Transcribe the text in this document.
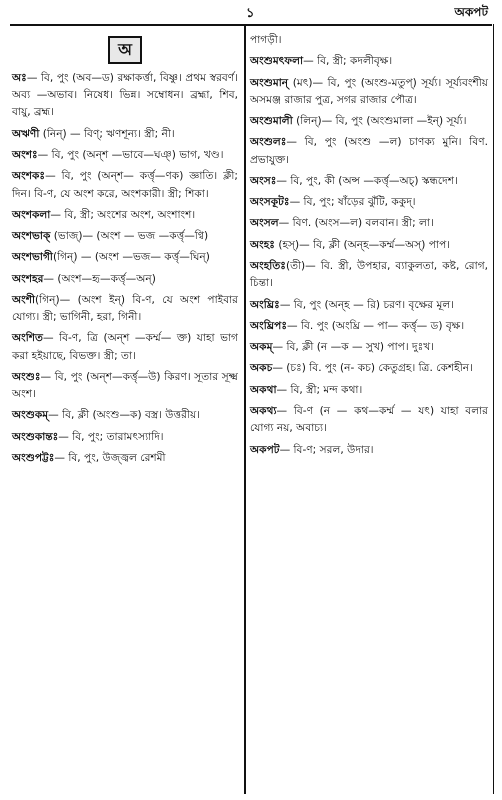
১	অকপট
অ

অঃ— বি, পুং (অব—ড) রক্ষাকর্ত্তা, বিষ্ণু। প্রথম স্বরবর্ণ। অব্য —অভাব। নিষেধ। ভিন্ন। সম্বোধন। ব্রহ্মা, শিব, বায়ু, ব্রহ্ম।

অঋণী (নিন্) — বিণ্; ঋণশূন্য। স্ত্রী; নী।

অংশঃ— বি, পুং (অন্শ —ভাবে—ঘঞ্) ভাগ, খণ্ড।

অংশকঃ— বি, পুং (অন্শ— কর্ত্তৃ—ণক) জ্ঞাতি। ক্লী; দিন। বি-ণ, যে অংশ করে, অংশকারী। স্ত্রী; শিকা।

অংশকলা— বি, স্ত্রী; অংশের অংশ, অংশাংশ।

অংশভাক্ (ভাজ্)— (অংশ — ভজ —কর্ত্তৃ—ণ্বি)

অংশভাগী(গিন্) — (অংশ —ভজ— কর্ত্তৃ—ঘিন্)

অংশহর— (অংশ—হৃ—কর্ত্তৃ—অন্)

অংশী(গিন্)— (অংশ ইন্) বি-ণ, যে অংশ পাইবার যোগ্য। স্ত্রী; ভাগিনী, হরা, গিনী।

অংশিত— বি-ণ, ত্রি (অন্শ —কর্ম্ম— ক্ত) যাহা ভাগ করা হইয়াছে, বিভক্ত। স্ত্রী; তা।

অংশুঃ— বি, পুং (অন্শ—কর্ত্তৃ—উ) কিরণ। সূতার সূক্ষ্ম অংশ।

অংশুকম্— বি, ক্লী (অংশু—ক) বস্ত্র। উত্তরীয়।

অংশুকান্তঃ— বি, পুং; তারামৎস্যাদি।

অংশুপট্টঃ— বি, পুং, উজ্জ্বল রেশমী

পাগড়ী।

অংশুমৎফলা— বি, স্ত্রী; কদলীবৃক্ষ।

অংশুমান্ (মৎ)— বি, পুং (অংশু-মতুপ্) সূর্য্য। সূর্য্যবংশীয় অসমঞ্জ রাজার পুত্র, সগর রাজার পৌত্র।

অংশুমালী (লিন্)— বি, পুং (অংশুমালা —ইন্) সূর্য্য।

অংশুলঃ— বি, পুং (অংশু —ল) চাণক্য মুনি। বিণ. প্রভাযুক্ত।

অংসঃ— বি, পুং, কী (অন্স —কর্ত্তৃ—অচ্) স্কন্ধদেশ।

অংসকূটঃ— বি, পুং; ষাঁড়ের ঝুঁটি, ককুদ্।

অংসল— বিণ. (অংস—ল) বলবান। স্ত্রী; লা।

অংহঃ (হস্)— বি, ক্লী (অন্হ—কর্ম্ম—অস্) পাপ।

অংহতিঃ(তী)— বি. স্ত্রী, উপহার, ব্যাকুলতা, কষ্ট, রোগ, চিন্তা।

অংঘ্রিঃ— বি, পুং (অন্হ — রি) চরণ। বৃক্ষের মূল।

অংঘ্রিপঃ— বি. পুং (অংঘ্রি — পা— কর্ত্তৃ— ড) বৃক্ষ।

অকম্— বি, ক্লী (ন —ক — সুখ) পাপ। দুঃখ।

অকচ— (চঃ) বি. পুং (ন- কচ) কেতুগ্রহ। ত্রি. কেশহীন।

অকথা— বি, স্ত্রী; মন্দ কথা।

অকথ্য— বি-ণ (ন — কথ—কর্ম্ম — যৎ) যাহা বলার যোগ্য নয়, অবাচ্য।

অকপট— বি-ণ; সরল, উদার।
